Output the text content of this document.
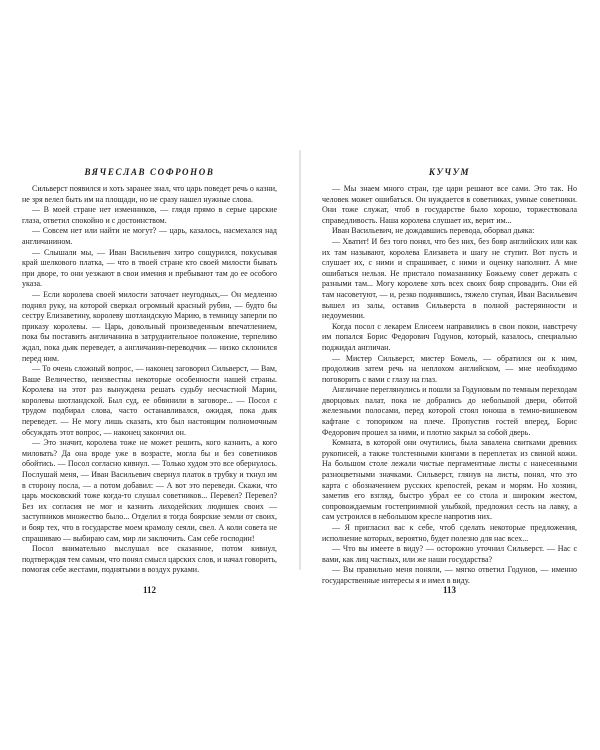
ВЯЧЕСЛАВ СОФРОНОВ

Сильверст появился и хоть заранее знал, что царь поведет речь о казни, не зря велел быть им на площади, но не сразу нашел нужные слова.

— В моей стране нет изменников, — глядя прямо в серые царские глаза, ответил спокойно и с достоинством.

— Совсем нет или найти не могут? — царь, казалось, насмехался над англичанином.

— Слышали мы, — Иван Васильевич хитро сощурился, покусывая край шелкового платка, — что в твоей стране кто своей милости бывать при дворе, то они уезжают в свои имения и пребывают там до ее особого указа.

— Если королева своей милости заточает неугодных,— Он медленно поднял руку, на которой сверкал огромный красный рубин, — будто бы сестру Елизаветину, королеву шотландскую Марию, в темницу заперли по приказу королевы. — Царь, довольный произведенным впечатлением, пока бы поставить англичанина в затруднительное положение, терпеливо ждал, пока дьяк переведет, а англичанин-переводчик — низко склонился перед ним.

— То очень сложный вопрос, — наконец заговорил Сильверст, — Вам, Ваше Величество, неизвестны некоторые особенности нашей страны. Королева на этот раз вынуждена решать судьбу несчастной Марии, королевы шотландской. Был суд, ее обвинили в заговоре... — Посол с трудом подбирал слова, часто останавливался, ожидая, пока дьяк переведет. — Не могу лишь сказать, кто был настоящим полномочным обсуждать этот вопрос, — наконец закончил он.

— Это значит, королева тоже не может решить, кого казнить, а кого миловать? Да она вроде уже в возрасте, могла бы и без советников обойтись. — Посол согласно кивнул. — Только худом это все обернулось. Послушай меня, — Иван Васильевич свернул платок в трубку и ткнул им в сторону посла, — а потом добавил: — А вот это переведи. Скажи, что царь московский тоже когда-то слушал советников... Перевел? Перевел? Без их согласия не мог и казнить лиходейских людишек своих — заступников множество было... Отделил я тогда боярские земли от своих, и бояр тех, что в государстве моем крамолу сеяли, свел. А коли совета не спрашиваю — выбираю сам, мир ли заключить. Сам себе господин!

Посол внимательно выслушал все сказанное, потом кивнул, подтверждая тем самым, что понял смысл царских слов, и начал говорить, помогая себе жестами, поднятыми в воздух руками.

112
КУЧУМ

— Мы знаем много стран, где цари решают все сами. Это так. Но человек может ошибаться. Он нуждается в советниках, умные советники. Они тоже служат, чтоб в государстве было хорошо, торжествовала справедливость. Наша королева слушает их, верит им...

Иван Васильевич, не дождавшись перевода, оборвал дьяка:

— Хватит! И без того понял, что без них, без бояр английских или как их там называют, королева Елизавета и шагу не ступит. Вот пусть и слушает их, с ними и спрашивает, с ними и оценку наполнит. А мне ошибаться нельзя. Не пристало помазаннику Божьему совет держать с разными там... Могу королеве хоть всех своих бояр спровадить. Они ей там насоветуют, — и, резко поднявшись, тяжело ступая, Иван Васильевич вышел из залы, оставив Сильверста в полной растерянности и недоумении.

Когда посол с лекарем Елисеем направились в свои покои, навстречу им попался Борис Федорович Годунов, который, казалось, специально поджидал англичан.

— Мистер Сильверст, мистер Бомель, — обратился он к ним, продолжив затем речь на неплохом английском, — мне необходимо поговорить с вами с глазу на глаз.

Англичане переглянулись и пошли за Годуновым по темным переходам дворцовых палат, пока не добрались до небольшой двери, обитой железными полосами, перед которой стоял юноша в темно-вишневом кафтане с топориком на плече. Пропустив гостей вперед, Борис Федорович прошел за ними, и плотно закрыл за собой дверь.

Комната, в которой они очутились, была завалена свитками древних рукописей, а также толстенными книгами в переплетах из свиной кожи. На большом столе лежали чистые пергаментные листы с нанесенными разноцветными значками. Сильверст, глянув на листы, понял, что это карта с обозначением русских крепостей, рекам и морям. Но хозяин, заметив его взгляд, быстро убрал ее со стола и широким жестом, сопровождаемым гостеприимной улыбкой, предложил сесть на лавку, а сам устроился в небольшом кресле напротив них.

— Я пригласил вас к себе, чтоб сделать некоторые предложения, исполнение которых, вероятно, будет полезно для нас всех...

— Что вы имеете в виду? — осторожно уточнил Сильверст. — Нас с вами, как лиц частных, или же наши государства?

— Вы правильно меня поняли, — мягко ответил Годунов, — именно государственные интересы я и имел в виду.

113
